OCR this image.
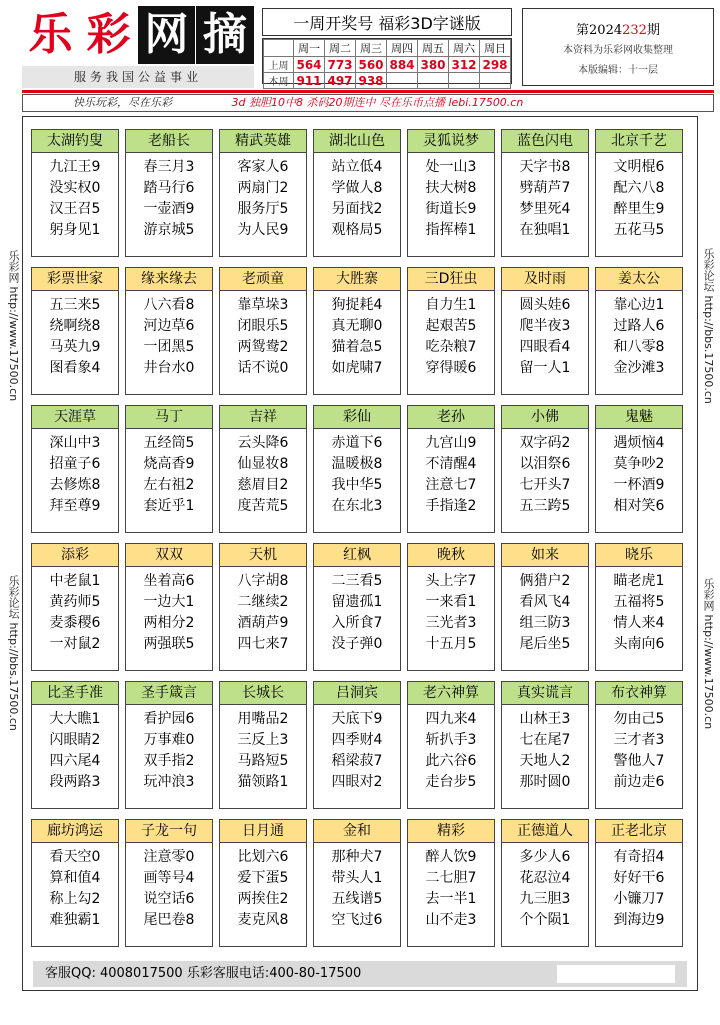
乐 彩 网 摘
服务我国公益事业
一周开奖号 福彩3D字谜版
	周一	周二	周三	周四	周五	周六	周日
上周	564	773	560	884	380	312	298
本周	911	497	938				
第2024232期
本资料为乐彩网收集整理
本版编辑：十一层
快乐玩彩，尽在乐彩	3d 独胆10中8 杀码20期连中 尽在乐币点播 lebi.17500.cn
乐彩网 http://www.17500.cn
乐彩论坛 http://bbs.17500.cn
乐彩论坛 http://bbs.17500.cn
乐彩网 http://www.17500.cn
太湖钓叟
九江王9
没实权0
汉王召5
躬身见1
老船长
春三月3
踏马行6
一壶酒9
游京城5
精武英雄
客家人6
两扇门2
服务厅5
为人民9
湖北山色
站立低4
学做人8
另面找2
观格局5
灵狐说梦
处一山3
扶大树8
街道长9
指挥棒1
蓝色闪电
天字书8
劈葫芦7
梦里死4
在独唱1
北京千艺
文明棍6
配六八8
醉里生9
五花马5
彩票世家
五三来5
绕啊绕8
马英九9
图看象4
缘来缘去
八六看8
河边草6
一团黑5
井台水0
老顽童
靠草垛3
闭眼乐5
两鸳鸯2
话不说0
大胜寨
狗捉耗4
真无聊0
猫着急5
如虎啸7
三D狂虫
自力生1
起艰苦5
吃杂粮7
穿得暖6
及时雨
圆头娃6
爬半夜3
四眼看4
留一人1
姜太公
靠心边1
过路人6
和八零8
金沙滩3
天涯草
深山中3
招童子6
去修炼8
拜至尊9
马丁
五经筒5
烧高香9
左右祖2
套近乎1
吉祥
云头降6
仙显妆8
慈眉目2
度苦荒5
彩仙
赤道下6
温暖极8
我中华5
在东北3
老孙
九宫山9
不清醒4
注意七7
手指逢2
小佛
双字码2
以泪祭6
七开头7
五三跨5
鬼魅
遇烦恼4
莫争吵2
一杯酒9
相对笑6
添彩
中老鼠1
黄药师5
麦黍稷6
一对鼠2
双双
坐着高6
一边大1
两相分2
两强联5
天机
八字胡8
二继续2
酒葫芦9
四七来7
红枫
二三看5
留遗孤1
入所食7
没子弹0
晚秋
头上字7
一来看1
三光者3
十五月5
如来
俩猎户2
看风飞4
组三防3
尾后坐5
晓乐
瞄老虎1
五福将5
情人来4
头南向6
比圣手准
大大瞧1
闪眼睛2
四六尾4
段两路3
圣手箴言
看护园6
万事难0
双手指2
玩冲浪3
长城长
用嘴品2
三反上3
马路短5
猫领路1
吕洞宾
天底下9
四季财4
稻梁菽7
四眼对2
老六神算
四九来4
斩扒手3
此六谷6
走台步5
真实谎言
山林王3
七在尾7
天地人2
那时圆0
布衣神算
勿由己5
三才者3
警他人7
前边走6
廊坊鸿运
看天空0
算和值4
称上勾2
难独霸1
子龙一句
注意零0
画等号4
说空话6
尾巴卷8
日月通
比划六6
爱下蛋5
两挨住2
麦克风8
金和
那种犬7
带头人1
五线谱5
空飞过6
精彩
醉人饮9
二七胆7
去一半1
山不走3
正德道人
多少人6
花忍泣4
九三胆3
个个陨1
正老北京
有奇招4
好好干6
小镰刀7
到海边9
客服QQ: 4008017500 乐彩客服电话:400-80-17500
